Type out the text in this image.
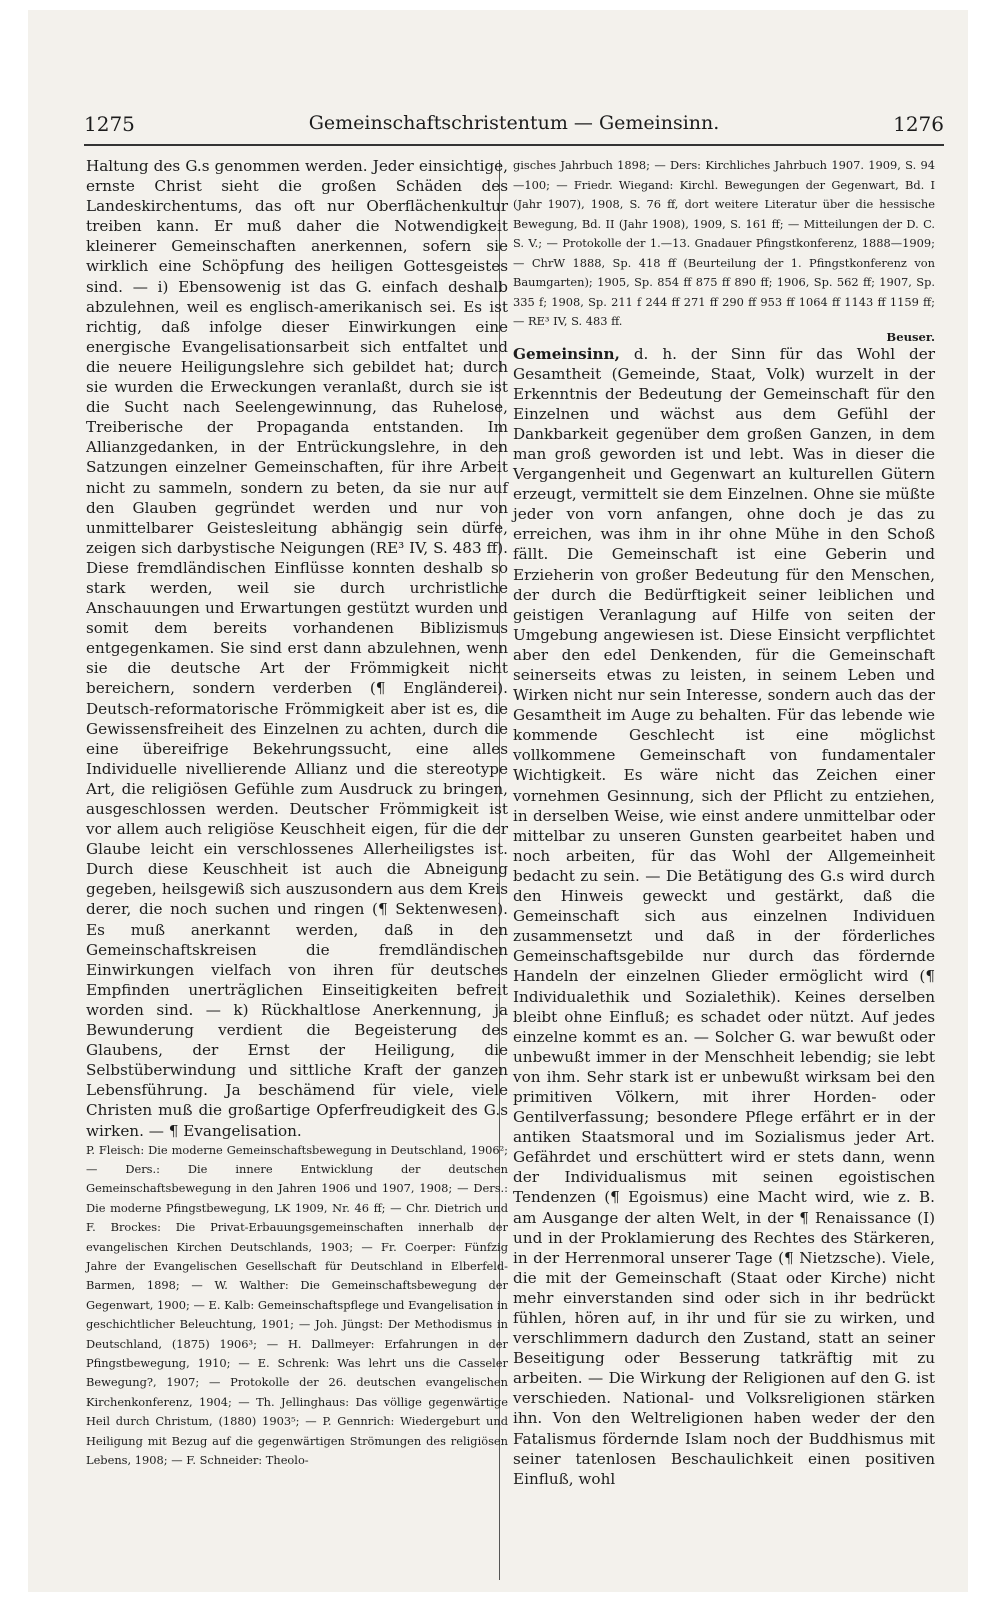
1275	Gemeinschaftschristentum — Gemeinsinn.	1276

Haltung des G.s genommen werden. Jeder einsichtige, ernste Christ sieht die großen Schäden des Landeskirchentums, das oft nur Oberflächenkultur treiben kann. Er muß daher die Notwendigkeit kleinerer Gemeinschaften anerkennen, sofern sie wirklich eine Schöpfung des heiligen Gottesgeistes sind. — i) Ebensowenig ist das G. einfach deshalb abzulehnen, weil es englisch-amerikanisch sei. Es ist richtig, daß infolge dieser Einwirkungen eine energische Evangelisationsarbeit sich entfaltet und die neuere Heiligungslehre sich gebildet hat; durch sie wurden die Erweckungen veranlaßt, durch sie ist die Sucht nach Seelengewinnung, das Ruhelose, Treiberische der Propaganda entstanden. Im Allianzgedanken, in der Entrückungslehre, in den Satzungen einzelner Gemeinschaften, für ihre Arbeit nicht zu sammeln, sondern zu beten, da sie nur auf den Glauben gegründet werden und nur von unmittelbarer Geistesleitung abhängig sein dürfe, zeigen sich darbystische Neigungen (RE³ IV, S. 483 ff). Diese fremdländischen Einflüsse konnten deshalb so stark werden, weil sie durch urchristliche Anschauungen und Erwartungen gestützt wurden und somit dem bereits vorhandenen Biblizismus entgegenkamen. Sie sind erst dann abzulehnen, wenn sie die deutsche Art der Frömmigkeit nicht bereichern, sondern verderben (¶ Engländerei). Deutsch-reformatorische Frömmigkeit aber ist es, die Gewissensfreiheit des Einzelnen zu achten, durch die eine übereifrige Bekehrungssucht, eine alles Individuelle nivellierende Allianz und die stereotype Art, die religiösen Gefühle zum Ausdruck zu bringen, ausgeschlossen werden. Deutscher Frömmigkeit ist vor allem auch religiöse Keuschheit eigen, für die der Glaube leicht ein verschlossenes Allerheiligstes ist. Durch diese Keuschheit ist auch die Abneigung gegeben, heilsgewiß sich auszusondern aus dem Kreis derer, die noch suchen und ringen (¶ Sektenwesen). Es muß anerkannt werden, daß in den Gemeinschaftskreisen die fremdländischen Einwirkungen vielfach von ihren für deutsches Empfinden unerträglichen Einseitigkeiten befreit worden sind. — k) Rückhaltlose Anerkennung, ja Bewunderung verdient die Begeisterung des Glaubens, der Ernst der Heiligung, die Selbstüberwindung und sittliche Kraft der ganzen Lebensführung. Ja beschämend für viele, viele Christen muß die großartige Opferfreudigkeit des G.s wirken. — ¶ Evangelisation.

P. Fleisch: Die moderne Gemeinschaftsbewegung in Deutschland, 1906²; — Ders.: Die innere Entwicklung der deutschen Gemeinschaftsbewegung in den Jahren 1906 und 1907, 1908; — Ders.: Die moderne Pfingstbewegung, LK 1909, Nr. 46 ff; — Chr. Dietrich und F. Brockes: Die Privat-Erbauungsgemeinschaften innerhalb der evangelischen Kirchen Deutschlands, 1903; — Fr. Coerper: Fünfzig Jahre der Evangelischen Gesellschaft für Deutschland in Elberfeld-Barmen, 1898; — W. Walther: Die Gemeinschaftsbewegung der Gegenwart, 1900; — E. Kalb: Gemeinschaftspflege und Evangelisation in geschichtlicher Beleuchtung, 1901; — Joh. Jüngst: Der Methodismus in Deutschland, (1875) 1906³; — H. Dallmeyer: Erfahrungen in der Pfingstbewegung, 1910; — E. Schrenk: Was lehrt uns die Casseler Bewegung?, 1907; — Protokolle der 26. deutschen evangelischen Kirchenkonferenz, 1904; — Th. Jellinghaus: Das völlige gegenwärtige Heil durch Christum, (1880) 1903⁵; — P. Gennrich: Wiedergeburt und Heiligung mit Bezug auf die gegenwärtigen Strömungen des religiösen Lebens, 1908; — F. Schneider: Theolo-

gisches Jahrbuch 1898; — Ders: Kirchliches Jahrbuch 1907. 1909, S. 94—100; — Friedr. Wiegand: Kirchl. Bewegungen der Gegenwart, Bd. I (Jahr 1907), 1908, S. 76 ff, dort weitere Literatur über die hessische Bewegung, Bd. II (Jahr 1908), 1909, S. 161 ff; — Mitteilungen der D. C. S. V.; — Protokolle der 1.—13. Gnadauer Pfingstkonferenz, 1888—1909; — ChrW 1888, Sp. 418 ff (Beurteilung der 1. Pfingstkonferenz von Baumgarten); 1905, Sp. 854 ff 875 ff 890 ff; 1906, Sp. 562 ff; 1907, Sp. 335 f; 1908, Sp. 211 f 244 ff 271 ff 290 ff 953 ff 1064 ff 1143 ff 1159 ff; — RE³ IV, S. 483 ff.

Beuser.

Gemeinsinn, d. h. der Sinn für das Wohl der Gesamtheit (Gemeinde, Staat, Volk) wurzelt in der Erkenntnis der Bedeutung der Gemeinschaft für den Einzelnen und wächst aus dem Gefühl der Dankbarkeit gegenüber dem großen Ganzen, in dem man groß geworden ist und lebt. Was in dieser die Vergangenheit und Gegenwart an kulturellen Gütern erzeugt, vermittelt sie dem Einzelnen. Ohne sie müßte jeder von vorn anfangen, ohne doch je das zu erreichen, was ihm in ihr ohne Mühe in den Schoß fällt. Die Gemeinschaft ist eine Geberin und Erzieherin von großer Bedeutung für den Menschen, der durch die Bedürftigkeit seiner leiblichen und geistigen Veranlagung auf Hilfe von seiten der Umgebung angewiesen ist. Diese Einsicht verpflichtet aber den edel Denkenden, für die Gemeinschaft seinerseits etwas zu leisten, in seinem Leben und Wirken nicht nur sein Interesse, sondern auch das der Gesamtheit im Auge zu behalten. Für das lebende wie kommende Geschlecht ist eine möglichst vollkommene Gemeinschaft von fundamentaler Wichtigkeit. Es wäre nicht das Zeichen einer vornehmen Gesinnung, sich der Pflicht zu entziehen, in derselben Weise, wie einst andere unmittelbar oder mittelbar zu unseren Gunsten gearbeitet haben und noch arbeiten, für das Wohl der Allgemeinheit bedacht zu sein. — Die Betätigung des G.s wird durch den Hinweis geweckt und gestärkt, daß die Gemeinschaft sich aus einzelnen Individuen zusammensetzt und daß in der förderliches Gemeinschaftsgebilde nur durch das fördernde Handeln der einzelnen Glieder ermöglicht wird (¶ Individualethik und Sozialethik). Keines derselben bleibt ohne Einfluß; es schadet oder nützt. Auf jedes einzelne kommt es an. — Solcher G. war bewußt oder unbewußt immer in der Menschheit lebendig; sie lebt von ihm. Sehr stark ist er unbewußt wirksam bei den primitiven Völkern, mit ihrer Horden- oder Gentilverfassung; besondere Pflege erfährt er in der antiken Staatsmoral und im Sozialismus jeder Art. Gefährdet und erschüttert wird er stets dann, wenn der Individualismus mit seinen egoistischen Tendenzen (¶ Egoismus) eine Macht wird, wie z. B. am Ausgange der alten Welt, in der ¶ Renaissance (I) und in der Proklamierung des Rechtes des Stärkeren, in der Herrenmoral unserer Tage (¶ Nietzsche). Viele, die mit der Gemeinschaft (Staat oder Kirche) nicht mehr einverstanden sind oder sich in ihr bedrückt fühlen, hören auf, in ihr und für sie zu wirken, und verschlimmern dadurch den Zustand, statt an seiner Beseitigung oder Besserung tatkräftig mit zu arbeiten. — Die Wirkung der Religionen auf den G. ist verschieden. National- und Volksreligionen stärken ihn. Von den Weltreligionen haben weder der den Fatalismus fördernde Islam noch der Buddhismus mit seiner tatenlosen Beschaulichkeit einen positiven Einfluß, wohl
